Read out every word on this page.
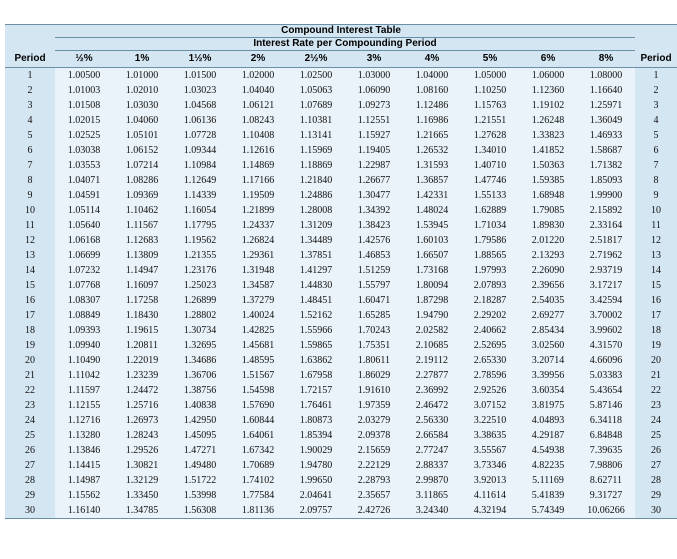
Compound Interest Table											
	Interest Rate per Compounding Period										
Period	½%	1%	1½%	2%	2½%	3%	4%	5%	6%	8%	Period
1	1.00500	1.01000	1.01500	1.02000	1.02500	1.03000	1.04000	1.05000	1.06000	1.08000	1
2	1.01003	1.02010	1.03023	1.04040	1.05063	1.06090	1.08160	1.10250	1.12360	1.16640	2
3	1.01508	1.03030	1.04568	1.06121	1.07689	1.09273	1.12486	1.15763	1.19102	1.25971	3
4	1.02015	1.04060	1.06136	1.08243	1.10381	1.12551	1.16986	1.21551	1.26248	1.36049	4
5	1.02525	1.05101	1.07728	1.10408	1.13141	1.15927	1.21665	1.27628	1.33823	1.46933	5
6	1.03038	1.06152	1.09344	1.12616	1.15969	1.19405	1.26532	1.34010	1.41852	1.58687	6
7	1.03553	1.07214	1.10984	1.14869	1.18869	1.22987	1.31593	1.40710	1.50363	1.71382	7
8	1.04071	1.08286	1.12649	1.17166	1.21840	1.26677	1.36857	1.47746	1.59385	1.85093	8
9	1.04591	1.09369	1.14339	1.19509	1.24886	1.30477	1.42331	1.55133	1.68948	1.99900	9
10	1.05114	1.10462	1.16054	1.21899	1.28008	1.34392	1.48024	1.62889	1.79085	2.15892	10
11	1.05640	1.11567	1.17795	1.24337	1.31209	1.38423	1.53945	1.71034	1.89830	2.33164	11
12	1.06168	1.12683	1.19562	1.26824	1.34489	1.42576	1.60103	1.79586	2.01220	2.51817	12
13	1.06699	1.13809	1.21355	1.29361	1.37851	1.46853	1.66507	1.88565	2.13293	2.71962	13
14	1.07232	1.14947	1.23176	1.31948	1.41297	1.51259	1.73168	1.97993	2.26090	2.93719	14
15	1.07768	1.16097	1.25023	1.34587	1.44830	1.55797	1.80094	2.07893	2.39656	3.17217	15
16	1.08307	1.17258	1.26899	1.37279	1.48451	1.60471	1.87298	2.18287	2.54035	3.42594	16
17	1.08849	1.18430	1.28802	1.40024	1.52162	1.65285	1.94790	2.29202	2.69277	3.70002	17
18	1.09393	1.19615	1.30734	1.42825	1.55966	1.70243	2.02582	2.40662	2.85434	3.99602	18
19	1.09940	1.20811	1.32695	1.45681	1.59865	1.75351	2.10685	2.52695	3.02560	4.31570	19
20	1.10490	1.22019	1.34686	1.48595	1.63862	1.80611	2.19112	2.65330	3.20714	4.66096	20
21	1.11042	1.23239	1.36706	1.51567	1.67958	1.86029	2.27877	2.78596	3.39956	5.03383	21
22	1.11597	1.24472	1.38756	1.54598	1.72157	1.91610	2.36992	2.92526	3.60354	5.43654	22
23	1.12155	1.25716	1.40838	1.57690	1.76461	1.97359	2.46472	3.07152	3.81975	5.87146	23
24	1.12716	1.26973	1.42950	1.60844	1.80873	2.03279	2.56330	3.22510	4.04893	6.34118	24
25	1.13280	1.28243	1.45095	1.64061	1.85394	2.09378	2.66584	3.38635	4.29187	6.84848	25
26	1.13846	1.29526	1.47271	1.67342	1.90029	2.15659	2.77247	3.55567	4.54938	7.39635	26
27	1.14415	1.30821	1.49480	1.70689	1.94780	2.22129	2.88337	3.73346	4.82235	7.98806	27
28	1.14987	1.32129	1.51722	1.74102	1.99650	2.28793	2.99870	3.92013	5.11169	8.62711	28
29	1.15562	1.33450	1.53998	1.77584	2.04641	2.35657	3.11865	4.11614	5.41839	9.31727	29
30	1.16140	1.34785	1.56308	1.81136	2.09757	2.42726	3.24340	4.32194	5.74349	10.06266	30
